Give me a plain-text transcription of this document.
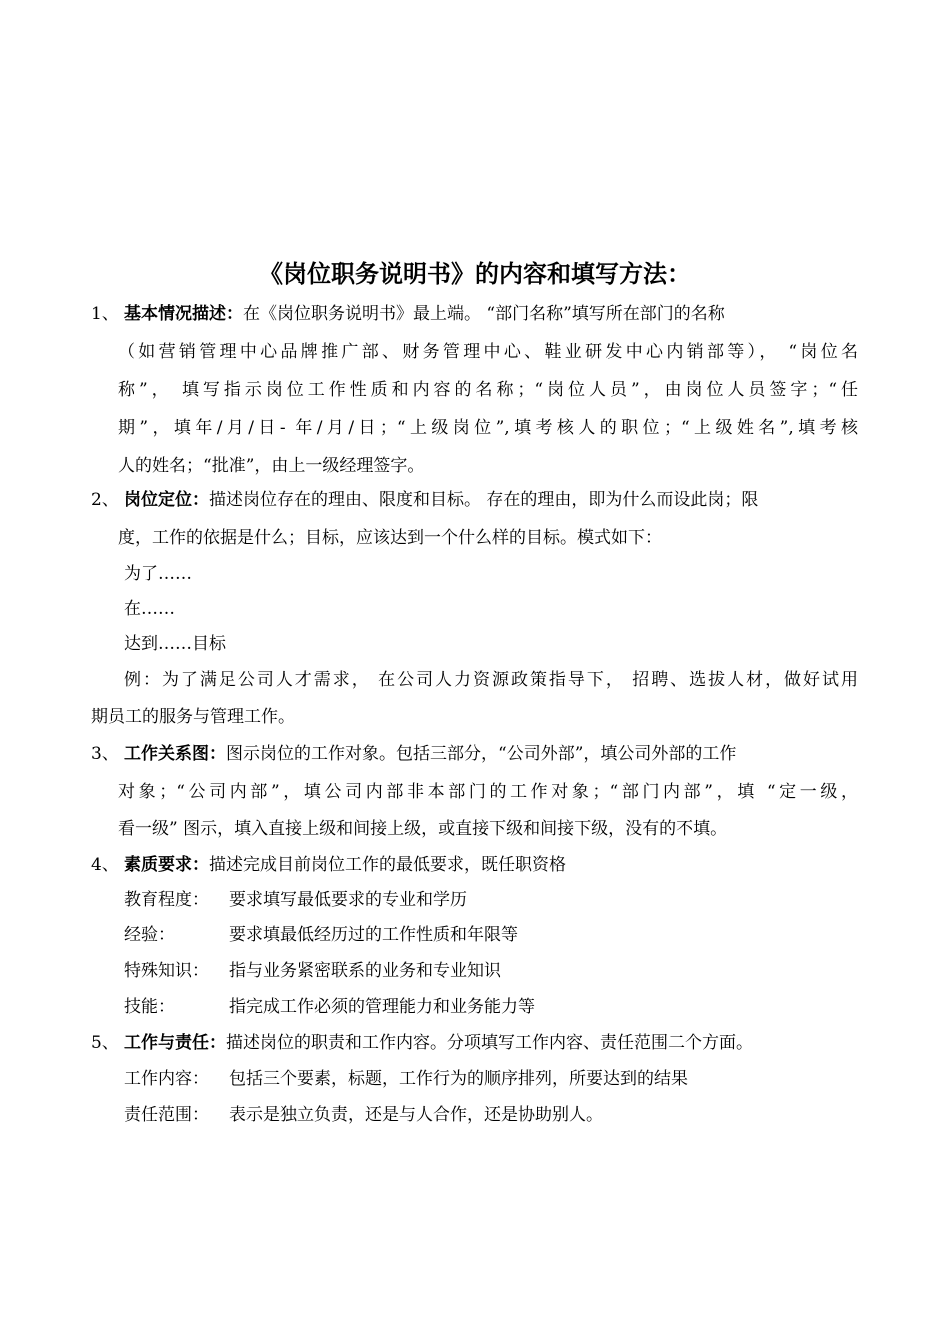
《岗位职务说明书》的内容和填写方法：
1、 基本情况描述：在《岗位职务说明书》最上端。 “部门名称”填写所在部门的名称
（如营销管理中心品牌推广部、财务管理中心、鞋业研发中心内销部等）， “岗位名
称”， 填写指示岗位工作性质和内容的名称；“岗位人员”，由岗位人员签字；“任
期”，填年/月/日- 年/月/日；“上级岗位”,填考核人的职位；“上级姓名”,填考核
人的姓名；“批准”，由上一级经理签字。
2、 岗位定位：描述岗位存在的理由、限度和目标。 存在的理由，即为什么而设此岗；限
度，工作的依据是什么；目标，应该达到一个什么样的目标。模式如下：
为了……
在……
达到……目标
例：为了满足公司人才需求， 在公司人力资源政策指导下， 招聘、选拔人材，做好试用
期员工的服务与管理工作。
3、 工作关系图：图示岗位的工作对象。包括三部分，“公司外部”，填公司外部的工作
对象；“公司内部”，填公司内部非本部门的工作对象；“部门内部”，填 “定一级，
看一级” 图示，填入直接上级和间接上级，或直接下级和间接下级，没有的不填。
4、 素质要求：描述完成目前岗位工作的最低要求，既任职资格
教育程度： 要求填写最低要求的专业和学历
经验：	要求填最低经历过的工作性质和年限等
特殊知识： 指与业务紧密联系的业务和专业知识
技能：	指完成工作必须的管理能力和业务能力等
5、 工作与责任：描述岗位的职责和工作内容。分项填写工作内容、责任范围二个方面。
工作内容： 包括三个要素，标题，工作行为的顺序排列，所要达到的结果
责任范围： 表示是独立负责，还是与人合作，还是协助别人。
